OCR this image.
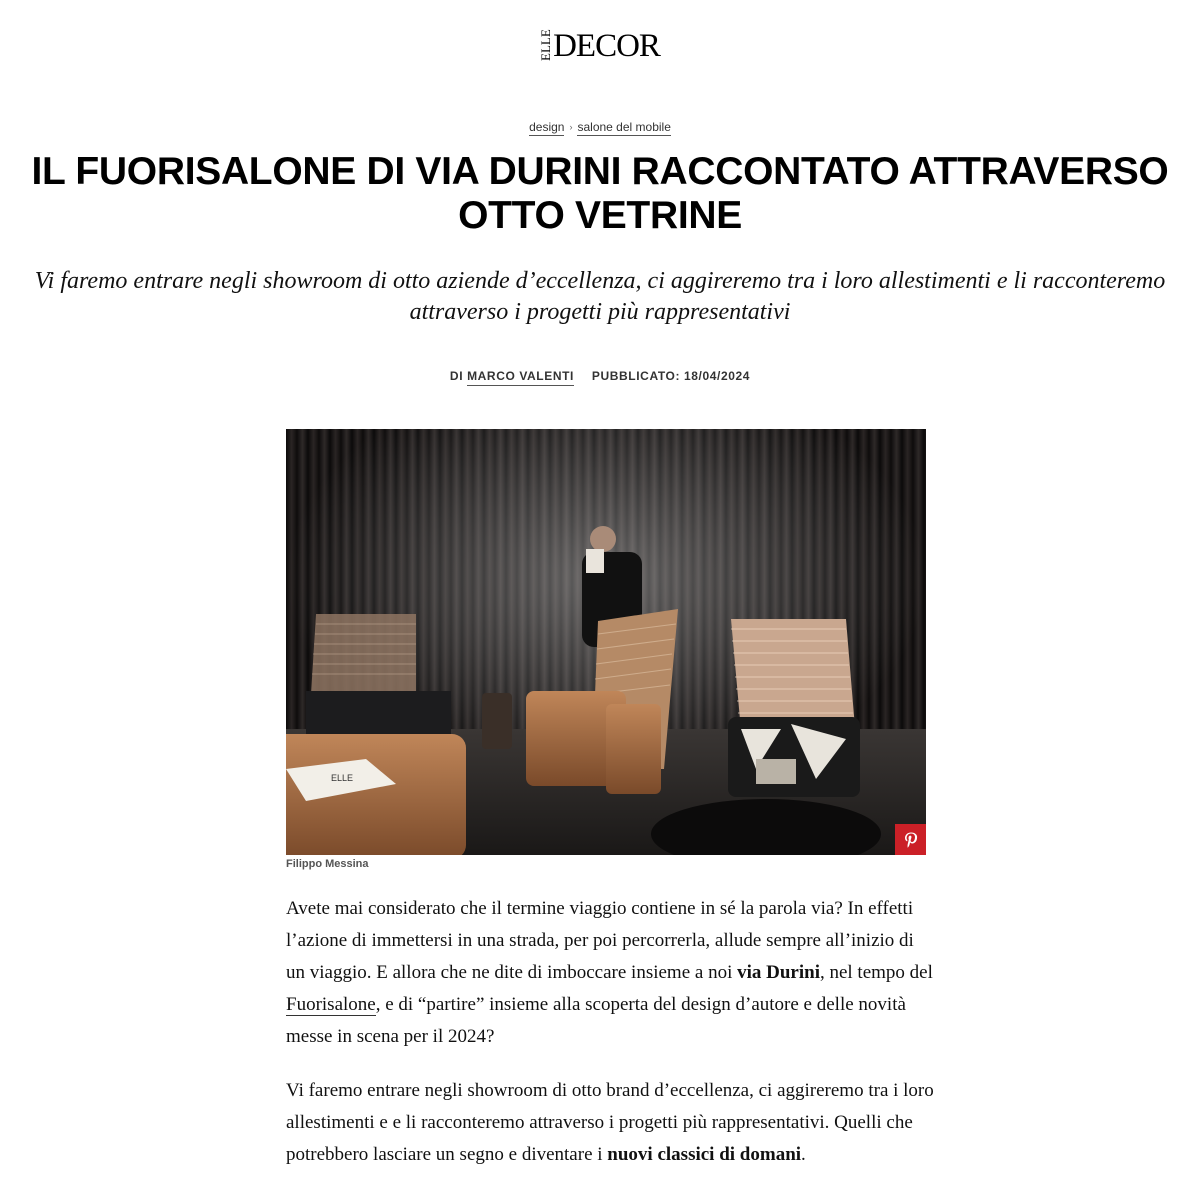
ELLE DECOR
design › salone del mobile
IL FUORISALONE DI VIA DURINI RACCONTATO ATTRAVERSO OTTO VETRINE

Vi faremo entrare negli showroom di otto aziende d’eccellenza, ci aggireremo tra i loro allestimenti e li racconteremo attraverso i progetti più rappresentativi

DI MARCO VALENTI PUBBLICATO: 18/04/2024
ELLE
Filippo Messina

Avete mai considerato che il termine viaggio contiene in sé la parola via? In effetti l’azione di immettersi in una strada, per poi percorrerla, allude sempre all’inizio di un viaggio. E allora che ne dite di imboccare insieme a noi via Durini, nel tempo del Fuorisalone, e di “partire” insieme alla scoperta del design d’autore e delle novità messe in scena per il 2024?

Vi faremo entrare negli showroom di otto brand d’eccellenza, ci aggireremo tra i loro allestimenti e e li racconteremo attraverso i progetti più rappresentativi. Quelli che potrebbero lasciare un segno e diventare i nuovi classici di domani.
